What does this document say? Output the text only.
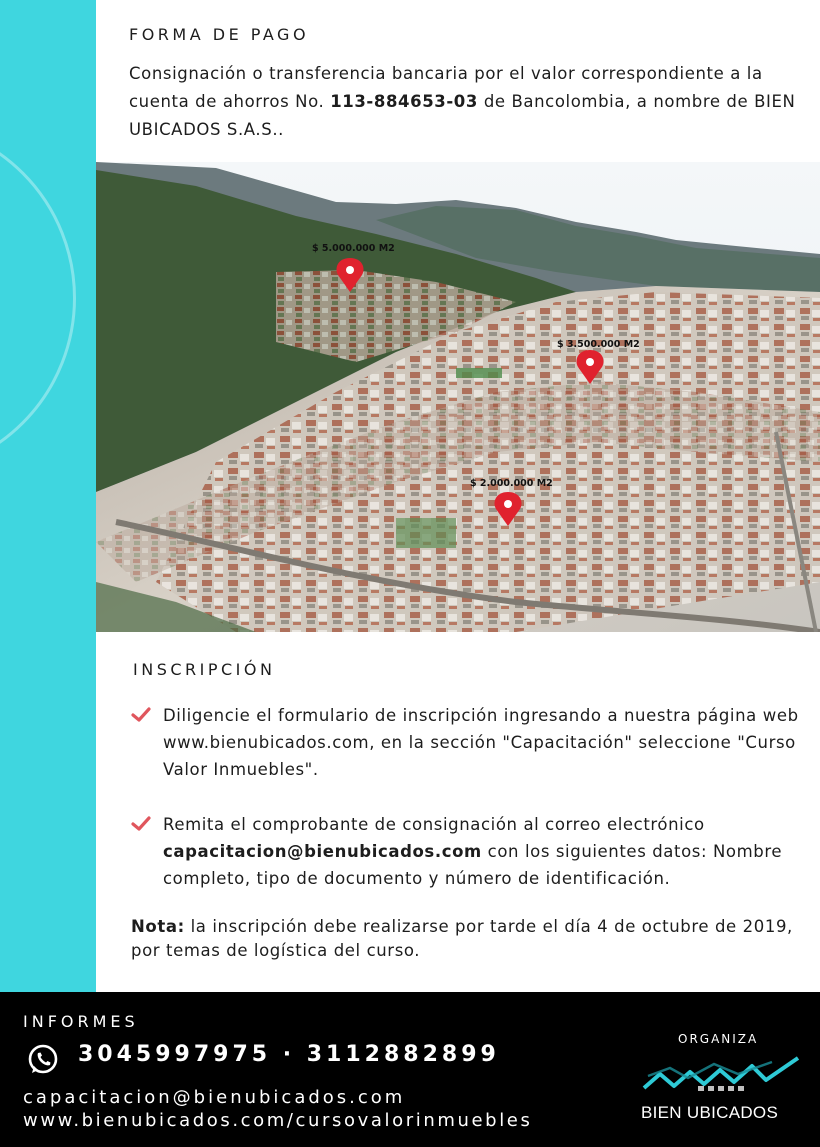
FORMA DE PAGO

Consignación o transferencia bancaria por el valor correspondiente a la cuenta de ahorros No. 113-884653-03 de Bancolombia, a nombre de BIEN UBICADOS S.A.S..

$ 5.000.000 M2
$ 3.500.000 M2
$ 2.000.000 M2
INSCRIPCIÓN
Diligencie el formulario de inscripción ingresando a nuestra página web www.bienubicados.com, en la sección "Capacitación" seleccione "Curso Valor Inmuebles".
Remita el comprobante de consignación al correo electrónico capacitacion@bienubicados.com con los siguientes datos: Nombre completo, tipo de documento y número de identificación.

Nota: la inscripción debe realizarse por tarde el día 4 de octubre de 2019, por temas de logística del curso.

INFORMES
3045997975 · 3112882899
capacitacion@bienubicados.com
www.bienubicados.com/cursovalorinmuebles
ORGANIZA
BIEN UBICADOS
